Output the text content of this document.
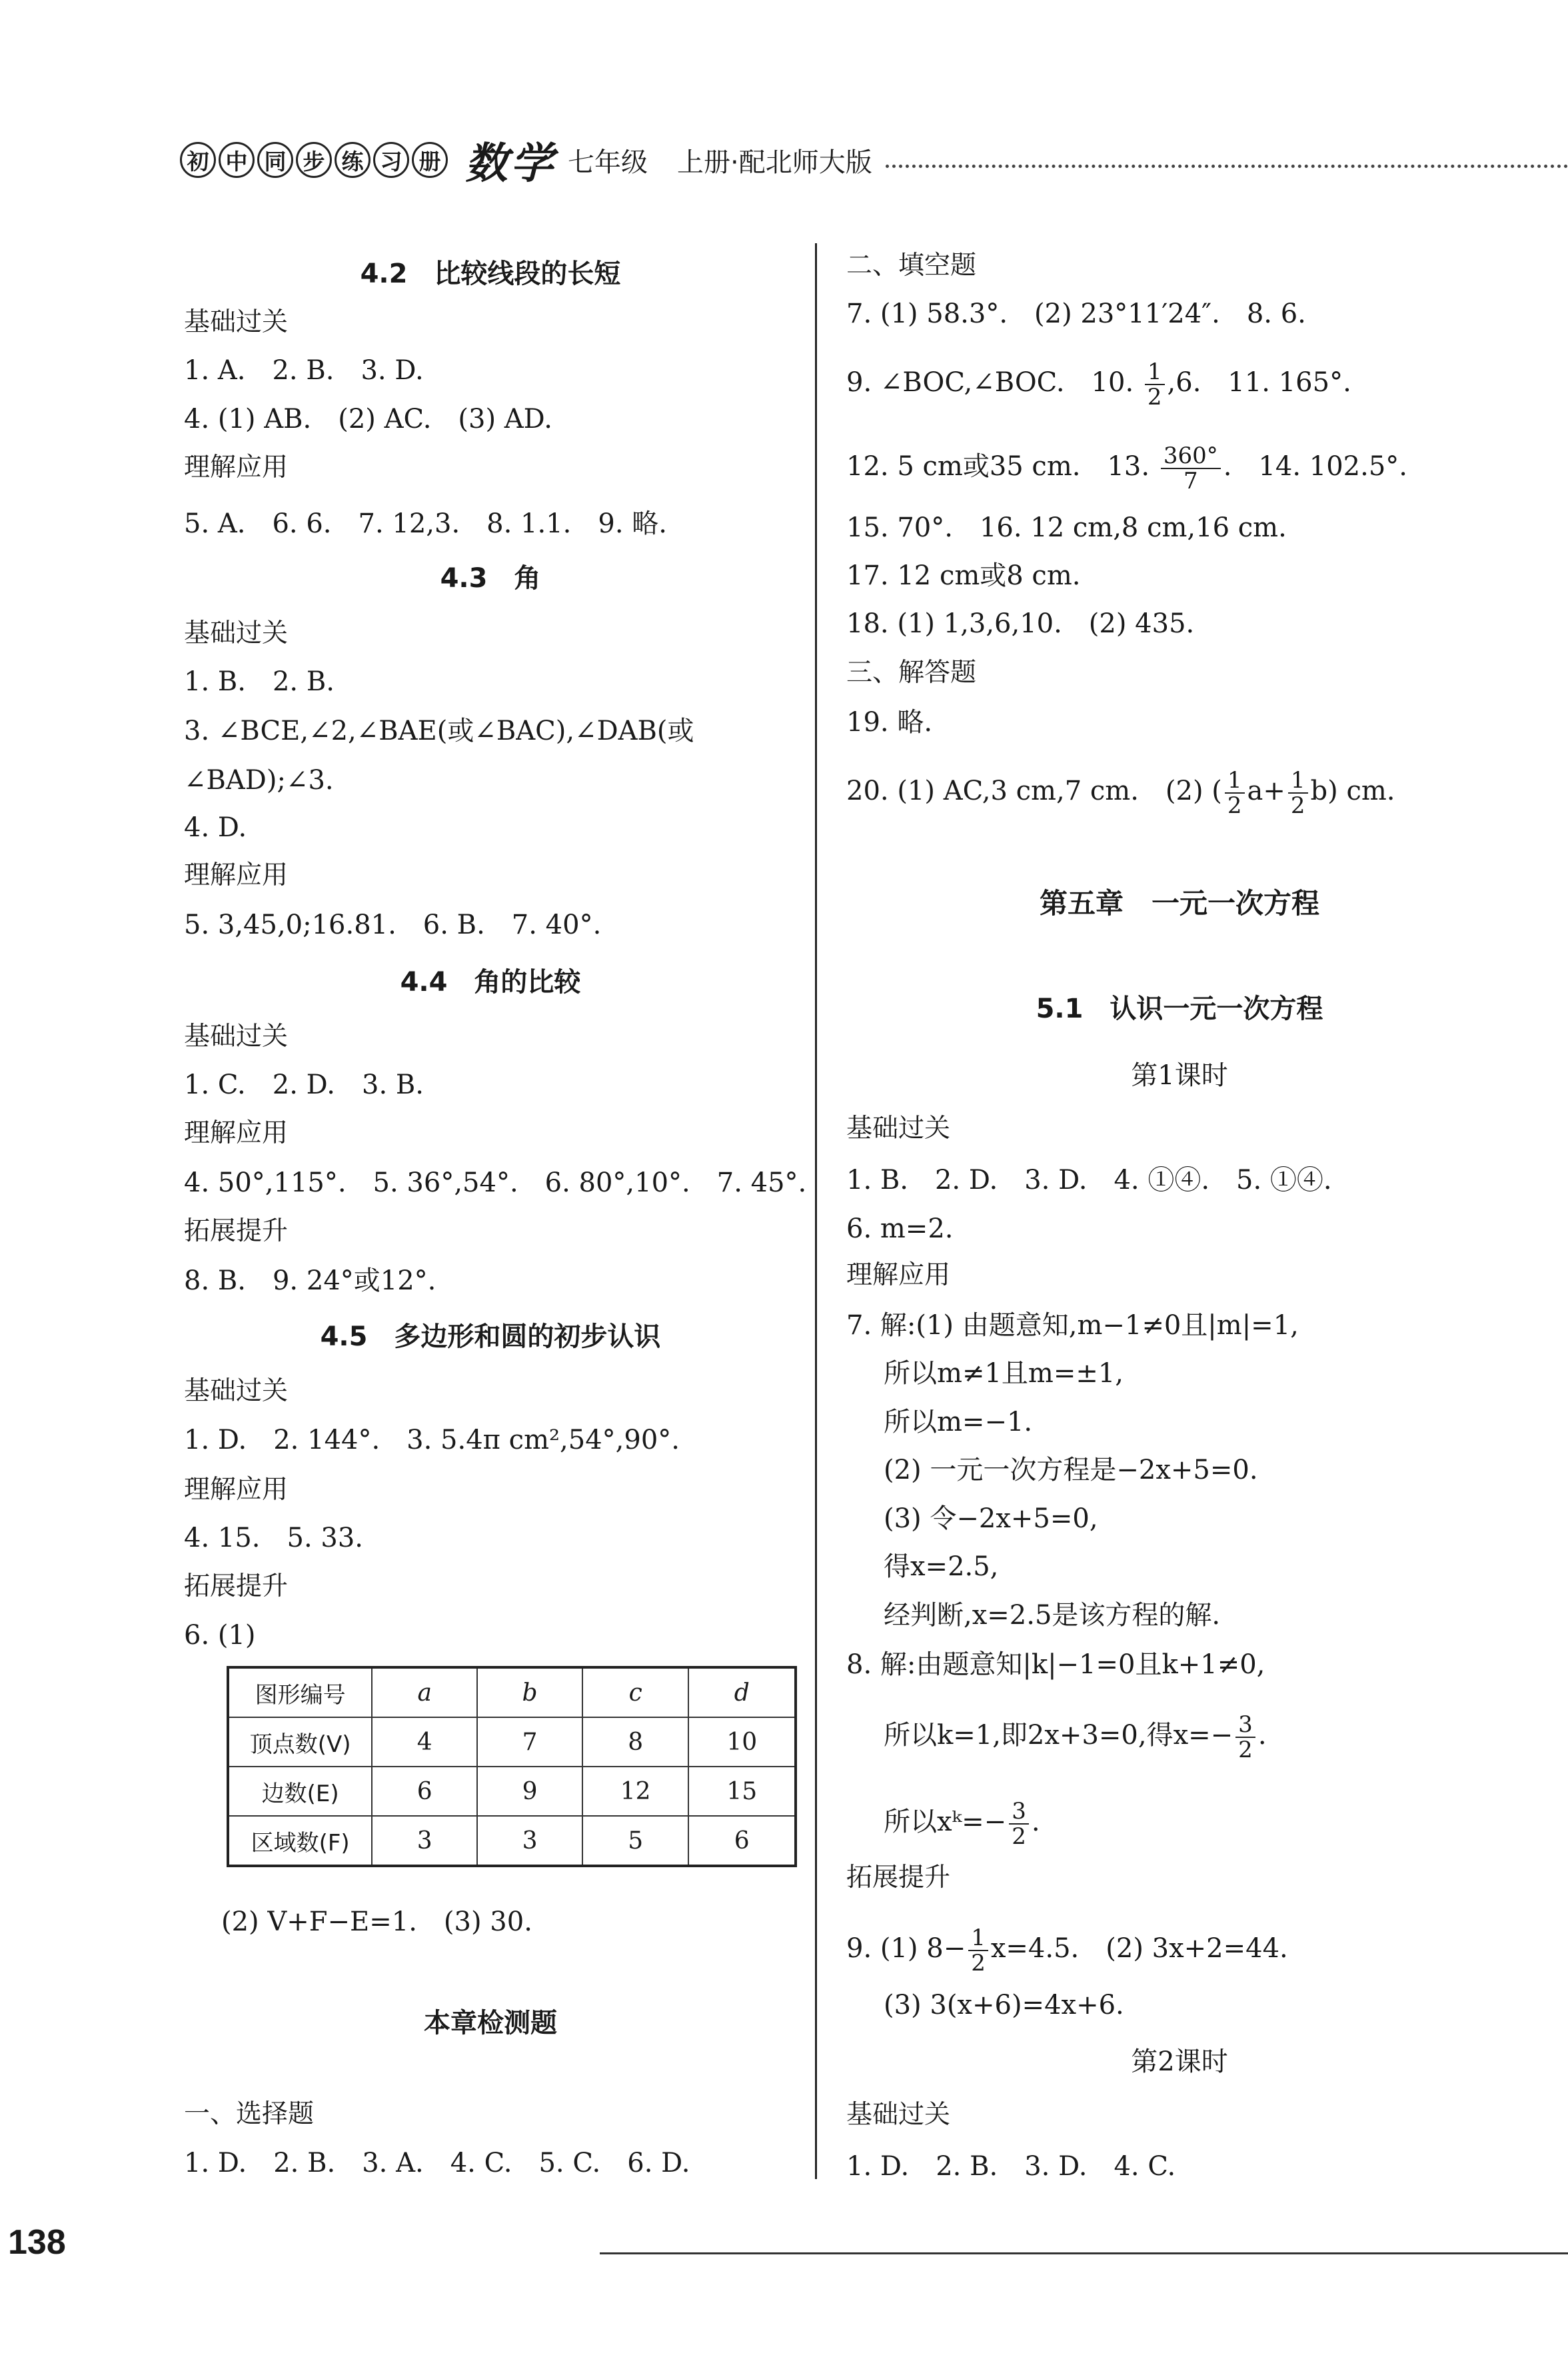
初 中 同 步 练 习 册 数学 七年级 上册·配北师大版
4.2　比较线段的长短
基础过关
1. A.　2. B.　3. D.
4. (1) AB.　(2) AC.　(3) AD.
理解应用
5. A.　6. 6.　7. 12,3.　8. 1.1.　9. 略.
4.3　角
基础过关
1. B.　2. B.
3. ∠BCE,∠2,∠BAE(或∠BAC),∠DAB(或
∠BAD);∠3.
4. D.
理解应用
5. 3,45,0;16.81.　6. B.　7. 40°.
4.4　角的比较
基础过关
1. C.　2. D.　3. B.
理解应用
4. 50°,115°.　5. 36°,54°.　6. 80°,10°.　7. 45°.
拓展提升
8. B.　9. 24°或12°.
4.5　多边形和圆的初步认识
基础过关
1. D.　2. 144°.　3. 5.4π cm²,54°,90°.
理解应用
4. 15.　5. 33.
拓展提升
6. (1)
图形编号	a	b	c	d
顶点数(V)	4	7	8	10
边数(E)	6	9	12	15
区域数(F)	3	3	5	6
(2) V+F−E=1.　(3) 30.
本章检测题
一、选择题
1. D.　2. B.　3. A.　4. C.　5. C.　6. D.
二、填空题
7. (1) 58.3°.　(2) 23°11′24″.　8. 6.
9. ∠BOC,∠BOC.　10. $\frac{1}{2} ,6$.　11. 165°.
12. 5 cm或35 cm.　13. $\frac{360^\circ}{7}$ .　14. 102.5°.
15. 70°.　16. 12 cm,8 cm,16 cm.
17. 12 cm或8 cm.
18. (1) 1,3,6,10.　(2) 435.
三、解答题
19. 略.
20. (1) AC,3 cm,7 cm.　(2) ( $\frac{1}{2} a+ \frac{1}{2} b$) cm.
第五章　一元一次方程
5.1　认识一元一次方程
第1课时
基础过关
1. B.　2. D.　3. D.　4. ①④.　5. ①④.
6. m=2.
理解应用
7. 解:(1) 由题意知,m−1≠0且|m|=1,
所以m≠1且m=±1,
所以m=−1.
(2) 一元一次方程是−2x+5=0.
(3) 令−2x+5=0,
得x=2.5,
经判断,x=2.5是该方程的解.
8. 解:由题意知|k|−1=0且k+1≠0,
所以k=1,即2x+3=0,得$x=- \frac{3}{2}$ .
所以xᵏ=− $\frac{3}{2}$ .
拓展提升
9. (1) $8- \frac{1}{2} x=4.5$.　(2) 3x+2=44.
(3) 3(x+6)=4x+6.
第2课时
基础过关
1. D.　2. B.　3. D.　4. C.
138
